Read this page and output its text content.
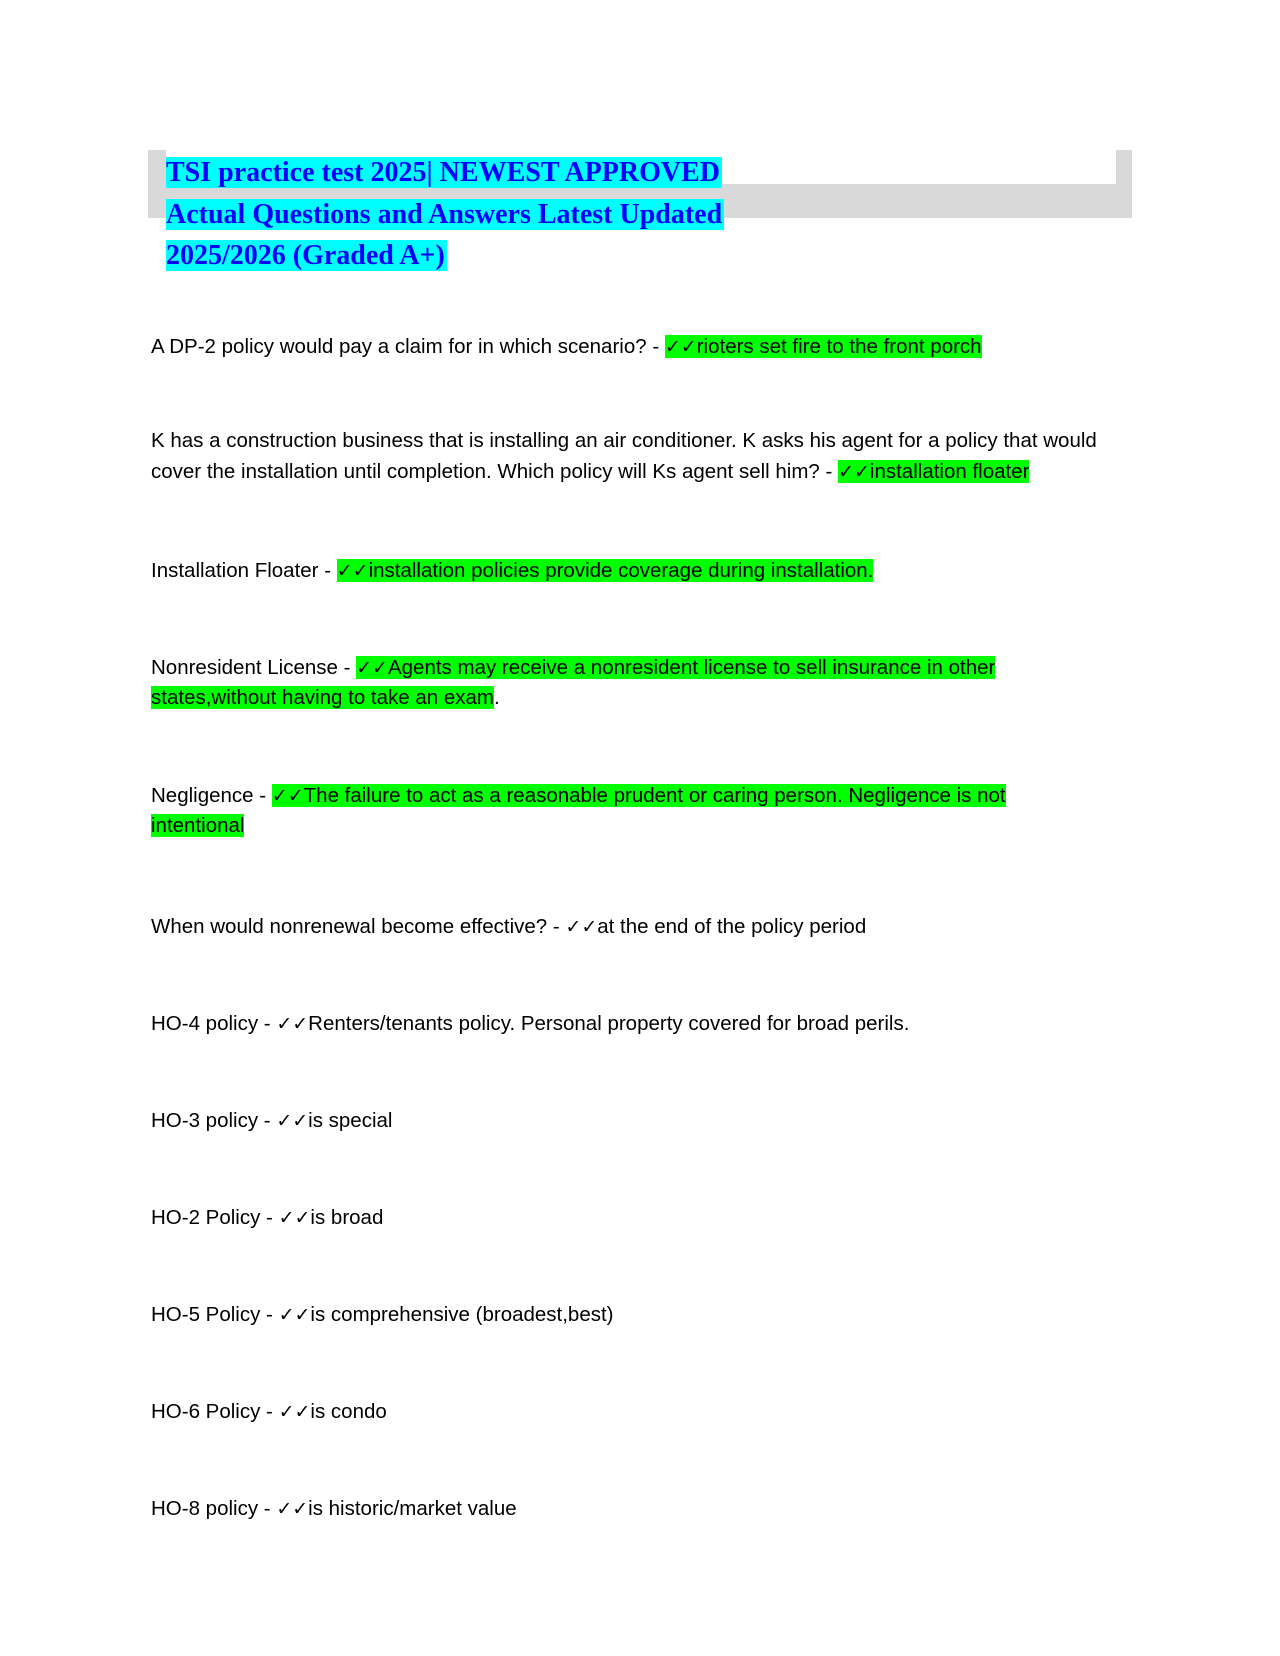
TSI practice test 2025| NEWEST APPROVED
Actual Questions and Answers Latest Updated
2025/2026 (Graded A+)
A DP-2 policy would pay a claim for in which scenario? - ✓✓rioters set fire to the front porch
K has a construction business that is installing an air conditioner. K asks his agent for a policy that would cover the installation until completion. Which policy will Ks agent sell him? - ✓✓installation floater
Installation Floater - ✓✓installation policies provide coverage during installation.
Nonresident License - ✓✓Agents may receive a nonresident license to sell insurance in other states,without having to take an exam.
Negligence - ✓✓The failure to act as a reasonable prudent or caring person. Negligence is not intentional
When would nonrenewal become effective? - ✓✓at the end of the policy period
HO-4 policy - ✓✓Renters/tenants policy. Personal property covered for broad perils.
HO-3 policy - ✓✓is special
HO-2 Policy - ✓✓is broad
HO-5 Policy - ✓✓is comprehensive (broadest,best)
HO-6 Policy - ✓✓is condo
HO-8 policy - ✓✓is historic/market value
